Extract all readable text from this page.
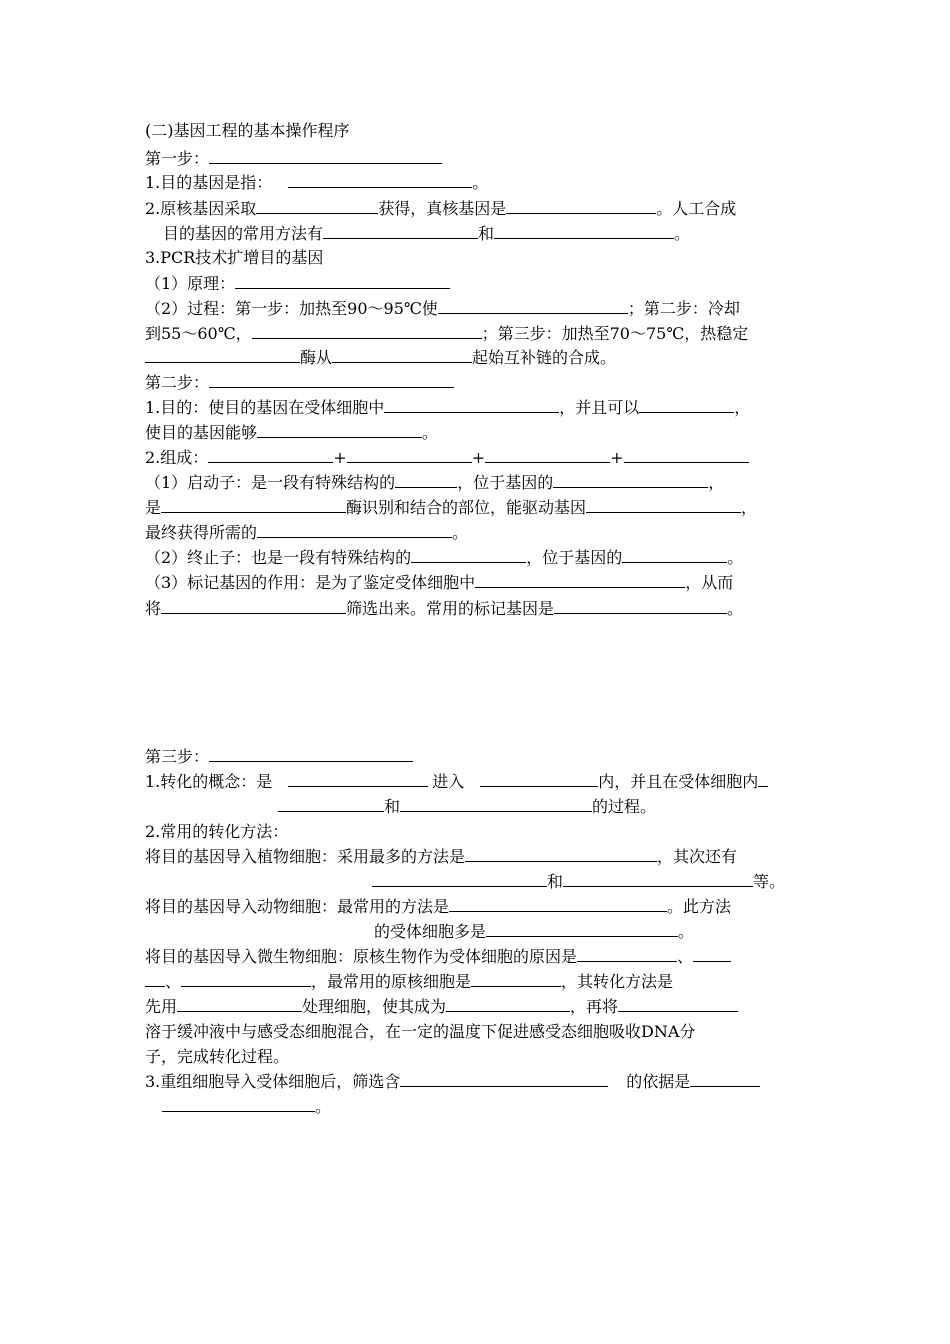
(二)基因工程的基本操作程序
第一步：
1.目的基因是指：	。
2.原核基因采取	获得，真核基因是	。人工合成
目的基因的常用方法有	和	。
3.PCR技术扩增目的基因
（1）原理：
（2）过程：第一步：加热至90～95℃使	；第二步：冷却
到55～60℃，	；第三步：加热至70～75℃，热稳定
酶从	起始互补链的合成。
第二步：
1.目的：使目的基因在受体细胞中	，并且可以	，
使目的基因能够	。
2.组成：	+	+	+
（1）启动子：是一段有特殊结构的	，位于基因的	，
是	酶识别和结合的部位，能驱动基因	，
最终获得所需的	。
（2）终止子：也是一段有特殊结构的	，位于基因的	。
（3）标记基因的作用：是为了鉴定受体细胞中	，从而
将	筛选出来。常用的标记基因是	。
第三步：
1.转化的概念：是	进入	内，并且在受体细胞内
和	的过程。
2.常用的转化方法：
将目的基因导入植物细胞：采用最多的方法是	，其次还有
和	等。
将目的基因导入动物细胞：最常用的方法是	。此方法
的受体细胞多是	。
将目的基因导入微生物细胞：原核生物作为受体细胞的原因是	、
、	，最常用的原核细胞是	，其转化方法是
先用	处理细胞，使其成为	，再将
溶于缓冲液中与感受态细胞混合，在一定的温度下促进感受态细胞吸收DNA分
子，完成转化过程。
3.重组细胞导入受体细胞后，筛选含	的依据是
。
